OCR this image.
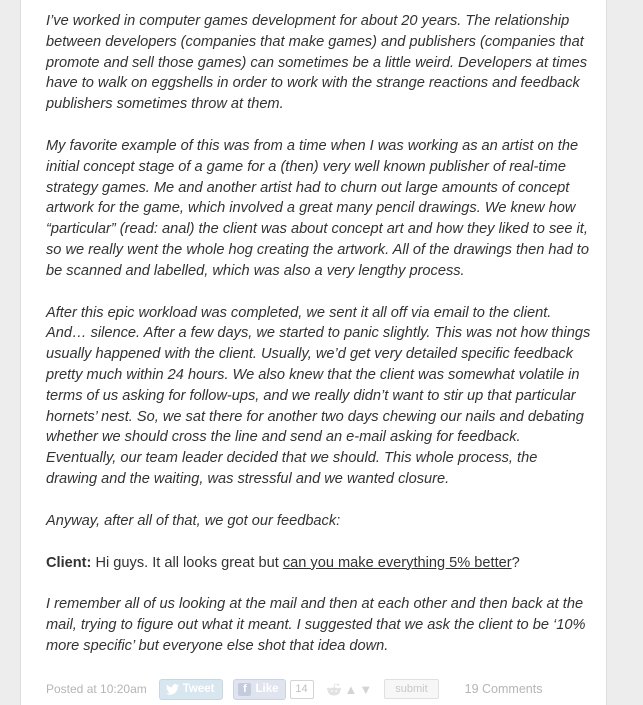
I’ve worked in computer games development for about 20 years. The relationship between developers (companies that make games) and publishers (companies that promote and sell those games) can sometimes be a little weird. Developers at times have to walk on eggshells in order to work with the strange reactions and feedback publishers sometimes throw at them.

My favorite example of this was from a time when I was working as an artist on the initial concept stage of a game for a (then) very well known publisher of real-time strategy games. Me and another artist had to churn out large amounts of concept artwork for the game, which involved a great many pencil drawings. We knew how “particular” (read: anal) the client was about concept art and how they liked to see it, so we really went the whole hog creating the artwork. All of the drawings then had to be scanned and labelled, which was also a very lengthy process.

After this epic workload was completed, we sent it all off via email to the client. And… silence. After a few days, we started to panic slightly. This was not how things usually happened with the client. Usually, we’d get very detailed specific feedback pretty much within 24 hours. We also knew that the client was somewhat volatile in terms of us asking for follow-ups, and we really didn’t want to stir up that particular hornets’ nest. So, we sat there for another two days chewing our nails and debating whether we should cross the line and send an e-mail asking for feedback. Eventually, our team leader decided that we should. This whole process, the drawing and the waiting, was stressful and we wanted closure.

Anyway, after all of that, we got our feedback:

Client: Hi guys. It all looks great but can you make everything 5% better?

I remember all of us looking at the mail and then at each other and then back at the mail, trying to figure out what it meant. I suggested that we ask the client to be ‘10% more specific’ but everyone else shot that idea down.

Posted at 10:20am	Tweet	f Like	14	▲ ▼	submit	19 Comments
